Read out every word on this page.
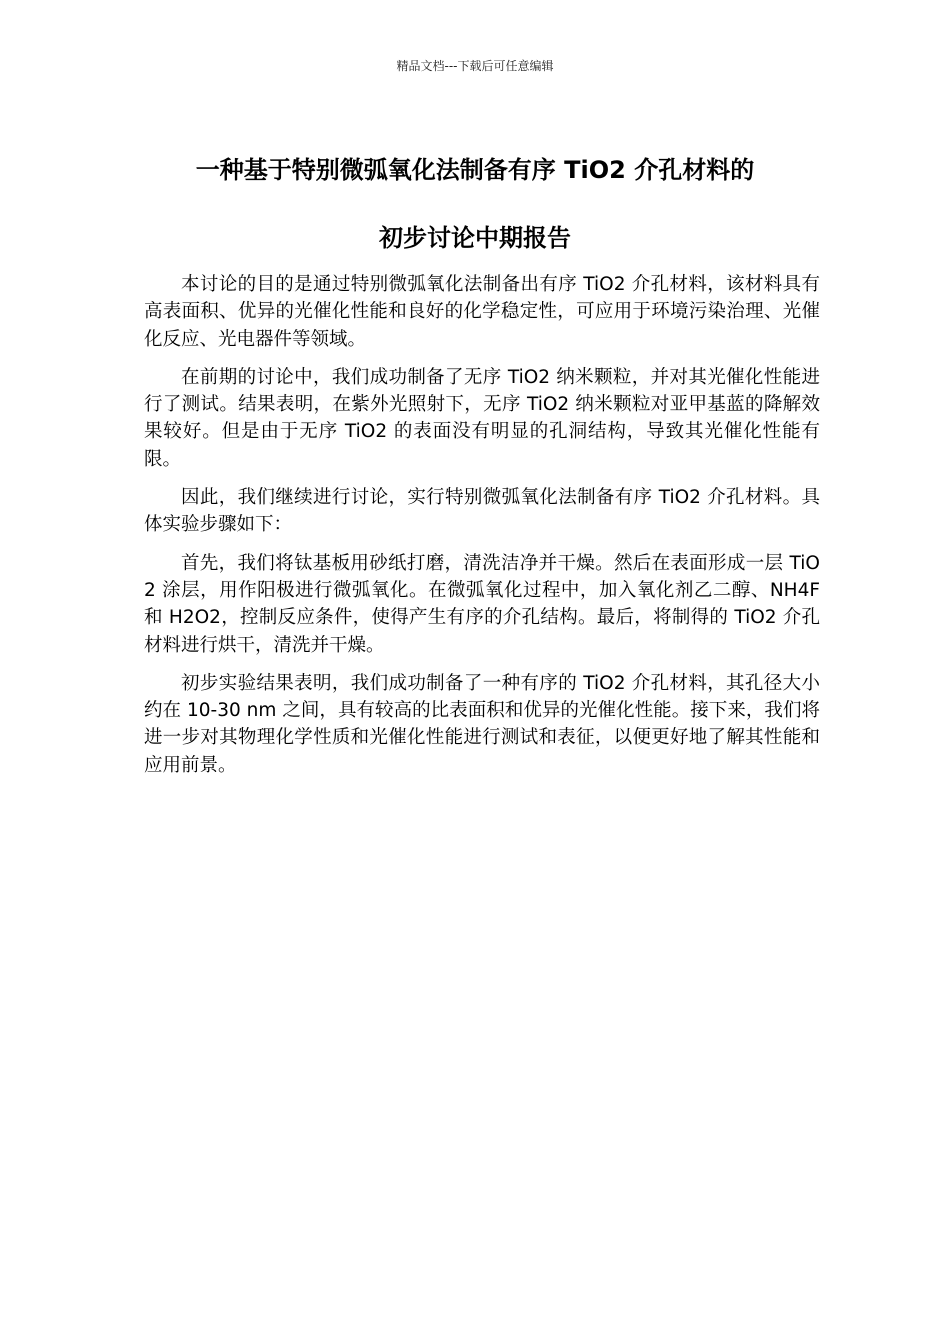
精品文档---下载后可任意编辑
一种基于特别微弧氧化法制备有序 TiO2 介孔材料的
初步讨论中期报告

本讨论的目的是通过特别微弧氧化法制备出有序 TiO2 介孔材料，该材料具有高表面积、优异的光催化性能和良好的化学稳定性，可应用于环境污染治理、光催化反应、光电器件等领域。

在前期的讨论中，我们成功制备了无序 TiO2 纳米颗粒，并对其光催化性能进行了测试。结果表明，在紫外光照射下，无序 TiO2 纳米颗粒对亚甲基蓝的降解效果较好。但是由于无序 TiO2 的表面没有明显的孔洞结构，导致其光催化性能有限。

因此，我们继续进行讨论，实行特别微弧氧化法制备有序 TiO2 介孔材料。具体实验步骤如下：

首先，我们将钛基板用砂纸打磨，清洗洁净并干燥。然后在表面形成一层 TiO2 涂层，用作阳极进行微弧氧化。在微弧氧化过程中，加入氧化剂乙二醇、NH4F 和 H2O2，控制反应条件，使得产生有序的介孔结构。最后，将制得的 TiO2 介孔材料进行烘干，清洗并干燥。

初步实验结果表明，我们成功制备了一种有序的 TiO2 介孔材料，其孔径大小约在 10-30 nm 之间，具有较高的比表面积和优异的光催化性能。接下来，我们将进一步对其物理化学性质和光催化性能进行测试和表征，以便更好地了解其性能和应用前景。
